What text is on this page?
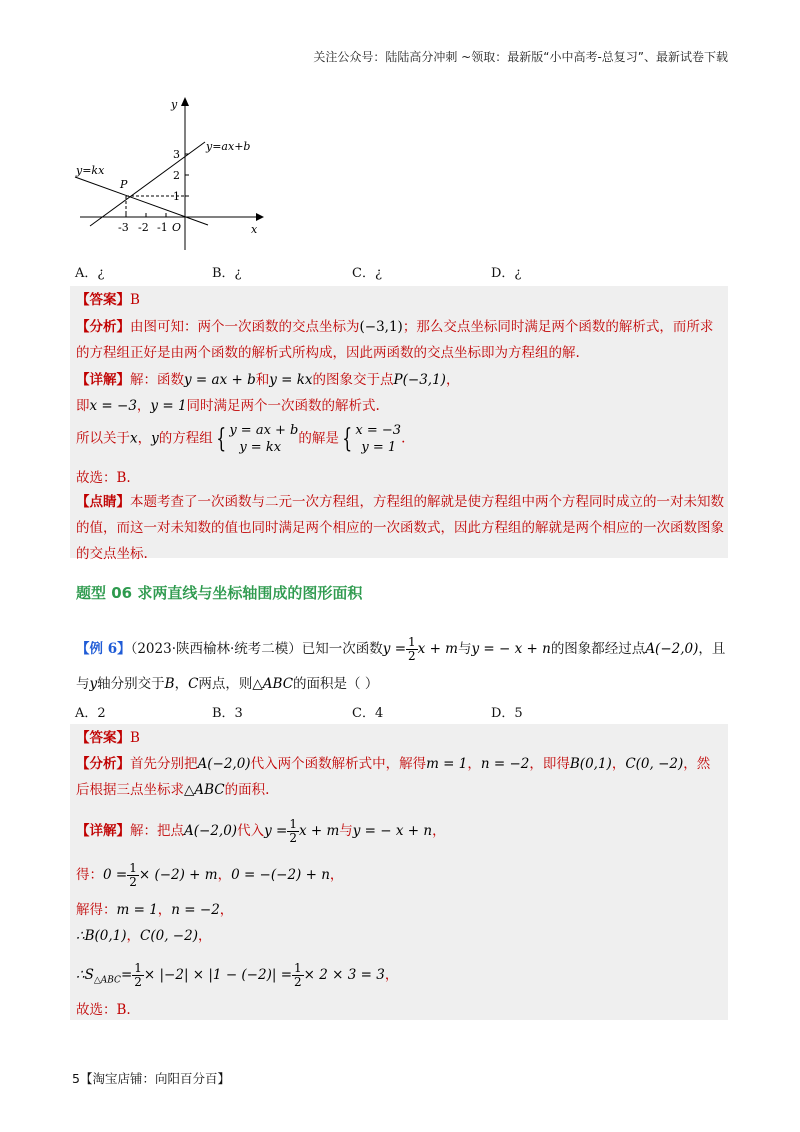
关注公众号：陆陆高分冲刺 ~领取：最新版“小中高考-总复习”、最新试卷下载
y
x
y=ax+b
y=kx
P
O
3
2
1
-3 -2 -1
A．¿	B．¿	C．¿	D．¿
【答案】B
【分析】由图可知：两个一次函数的交点坐标为(−3,1)；那么交点坐标同时满足两个函数的解析式，而所求的方程组正好是由两个函数的解析式所构成，因此两函数的交点坐标即为方程组的解.
【详解】解：函数y = ax + b和y = kx的图象交于点P(−3,1)，
即x = −3，y = 1同时满足两个一次函数的解析式.
所以关于x，y的方程组 { y = ax + b
y = kx
的解是 { x = −3
y = 1
.
故选：B.
【点睛】本题考查了一次函数与二元一次方程组，方程组的解就是使方程组中两个方程同时成立的一对未知数的值，而这一对未知数的值也同时满足两个相应的一次函数式，因此方程组的解就是两个相应的一次函数图象的交点坐标.
题型 06 求两直线与坐标轴围成的图形面积
【例 6】（2023·陕西榆林·统考二模）已知一次函数$y = \frac{1}{2}$ x + m与y = − x + n的图象都经过点A(−2,0)，且
与y轴分别交于B，C两点，则△ABC的面积是（ ）
A．2	B．3	C．4	D．5
【答案】B
【分析】首先分别把A(−2,0)代入两个函数解析式中，解得m = 1，n = −2，即得B(0,1)，C(0, −2)，然
后根据三点坐标求△ABC的面积.
【详解】解：把点A(−2,0)代入$y = \frac{1}{2}$ x + m与y = − x + n，
得：$0 = \frac{1}{2} \times (-2) + m$，0 = −(−2) + n，
解得：m = 1，n = −2，
∴B(0,1)，C(0, −2)，
$\therefore S_{\triangle ABC}= \frac{1}{2} \times |-2| \times |1 - (-2)| = \frac{1}{2} \times 2 \times 3 = 3$，
故选：B.
5【淘宝店铺：向阳百分百】
